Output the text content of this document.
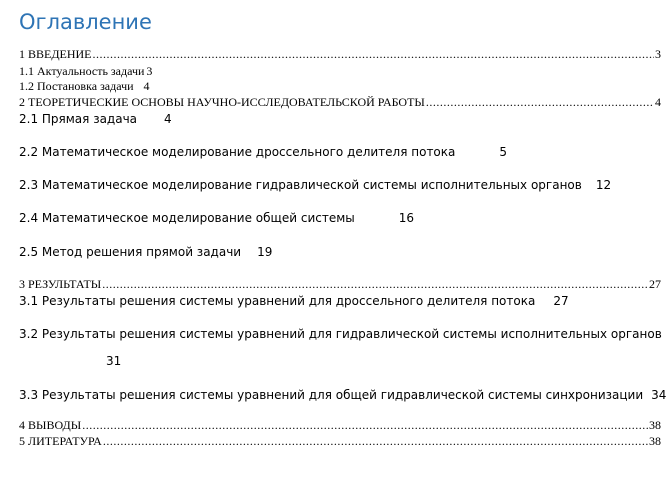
Оглавление
1 ВВЕДЕНИЕ .....	3
1.1 Актуальность задачи 3
1.2 Постановка задачи 4
2 ТЕОРЕТИЧЕСКИЕ ОСНОВЫ НАУЧНО-ИССЛЕДОВАТЕЛЬСКОЙ РАБОТЫ .....	4
2.1 Прямая задача 4
2.2 Математическое моделирование дроссельного делителя потока	5
2.3 Математическое моделирование гидравлической системы исполнительных органов 12
2.4 Математическое моделирование общей системы	16
2.5 Метод решения прямой задачи 19
3 РЕЗУЛЬТАТЫ .....	27
3.1 Результаты решения системы уравнений для дроссельного делителя потока 27
3.2 Результаты решения системы уравнений для гидравлической системы исполнительных органов
31
3.3 Результаты решения системы уравнений для общей гидравлической системы синхронизации 34
4 ВЫВОДЫ .....	38
5 ЛИТЕРАТУРА .....	38
